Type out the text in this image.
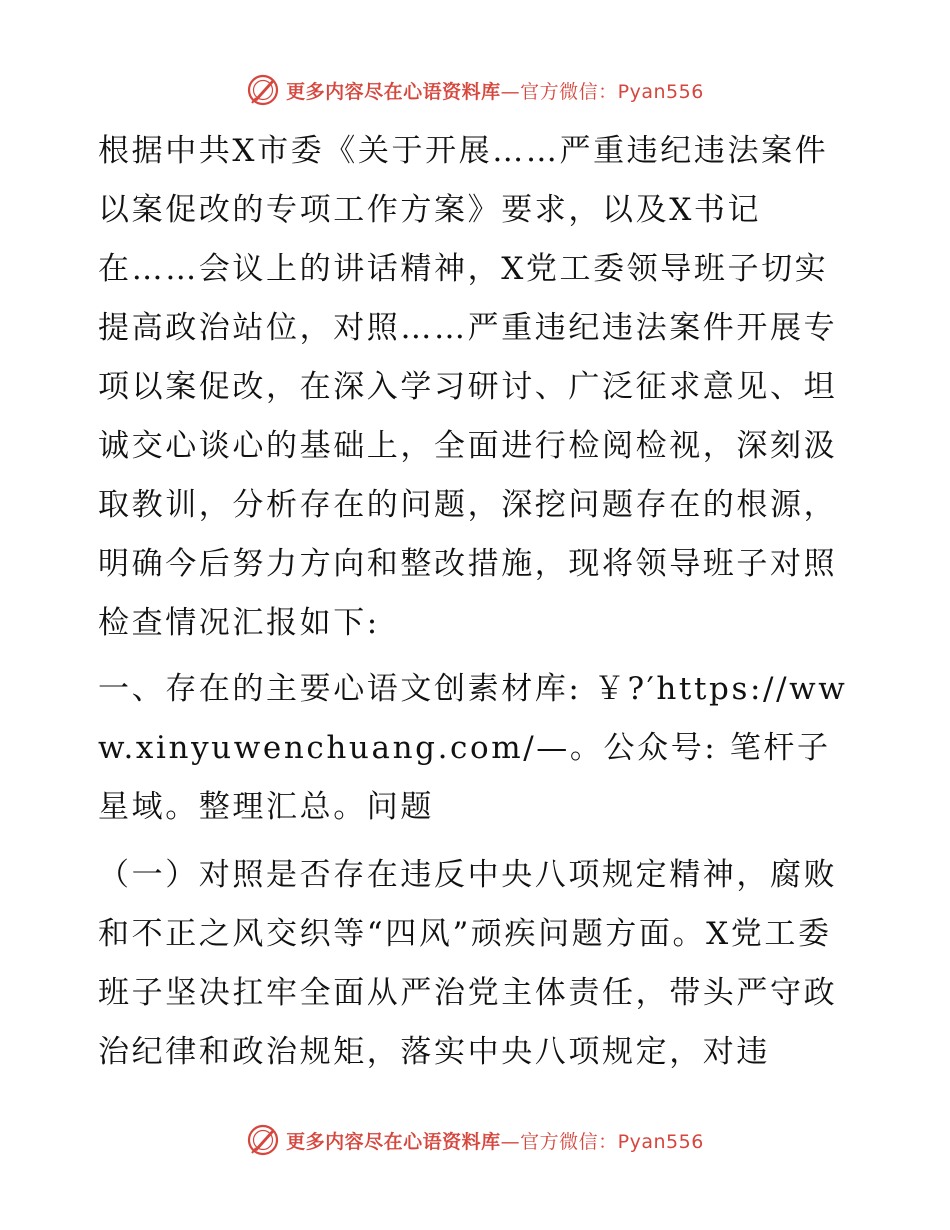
更多内容尽在心语资料库—官方微信：Pyan556

根据中共X市委《关于开展……严重违纪违法案件以案促改的专项工作方案》要求，以及X书记在……会议上的讲话精神，X党工委领导班子切实提高政治站位，对照……严重违纪违法案件开展专项以案促改，在深入学习研讨、广泛征求意见、坦诚交心谈心的基础上，全面进行检阅检视，深刻汲取教训，分析存在的问题，深挖问题存在的根源，明确今后努力方向和整改措施，现将领导班子对照检查情况汇报如下:

一、存在的主要心语文创素材库: ￥?′https://www.xinyuwenchuang.com/—。公众号: 笔杆子星域。整理汇总。问题

（一）对照是否存在违反中央八项规定精神，腐败和不正之风交织等“四风”顽疾问题方面。X党工委班子坚决扛牢全面从严治党主体责任，带头严守政治纪律和政治规矩，落实中央八项规定，对违

更多内容尽在心语资料库—官方微信：Pyan556
